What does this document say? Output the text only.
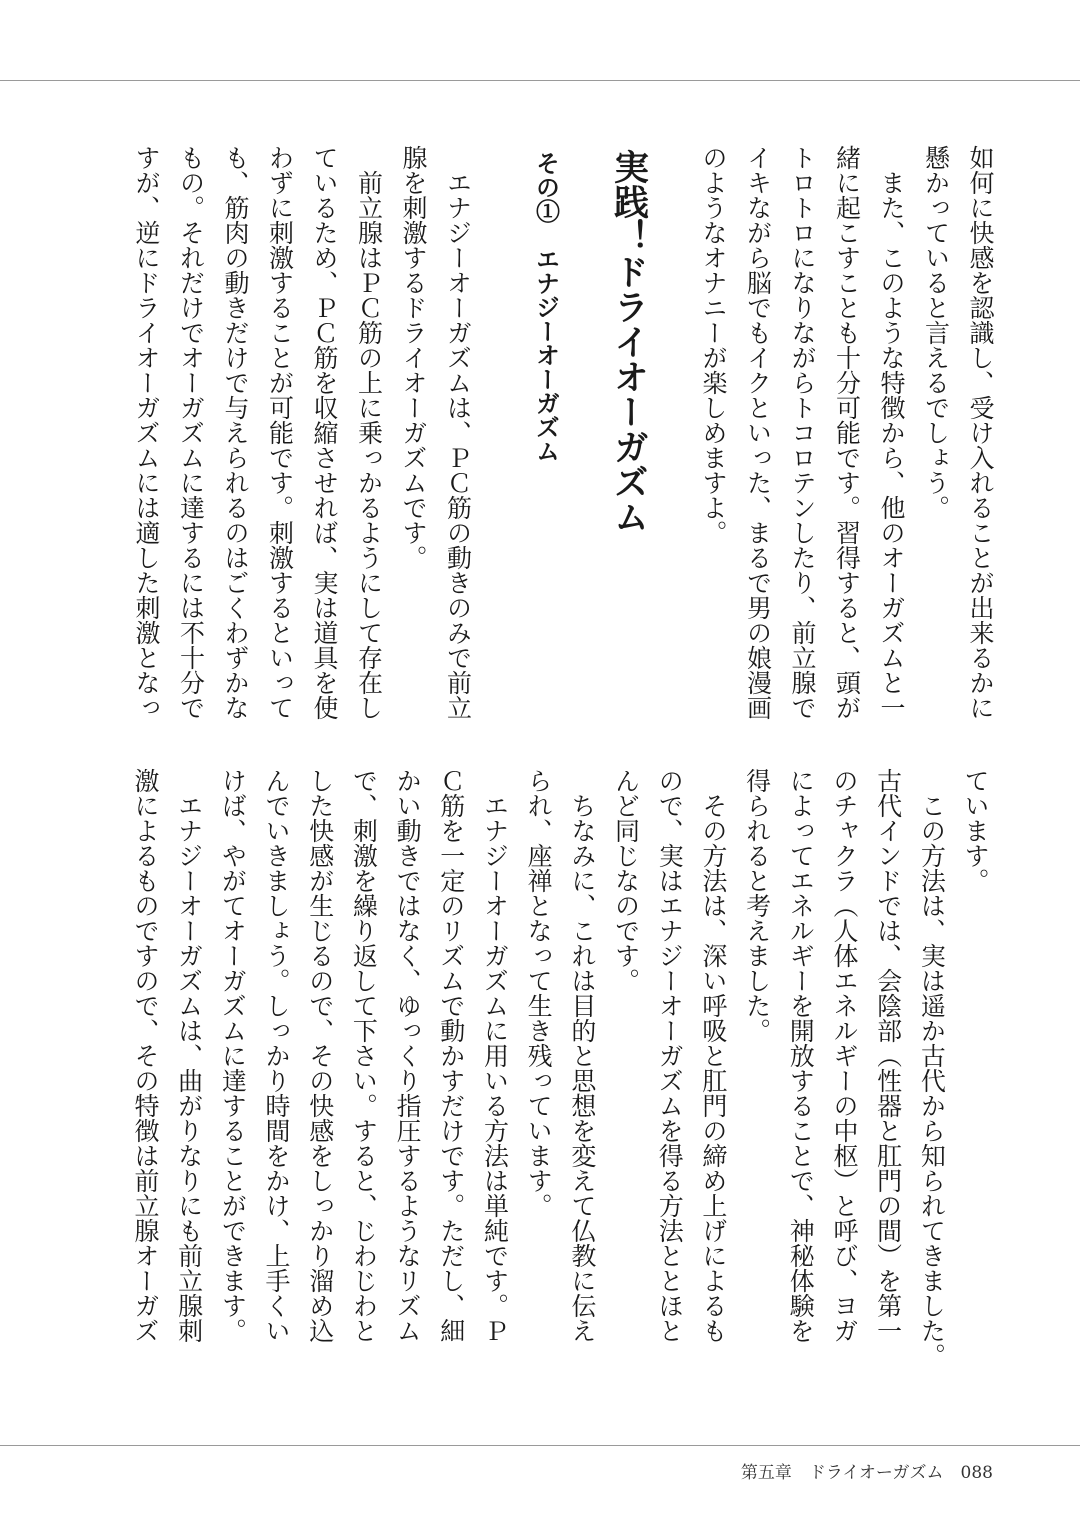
如何に快感を認識し、受け入れることが出来るかに
懸かっていると言えるでしょう。
　また、このような特徴から、他のオーガズムと一
緒に起こすことも十分可能です。習得すると、頭が
トロトロになりながらトコロテンしたり、前立腺で
イキながら脳でもイクといった、まるで男の娘漫画
のようなオナニーが楽しめますよ。
実践！ドライオーガズム
その①　エナジーオーガズム
　エナジーオーガズムは、ＰＣ筋の動きのみで前立
腺を刺激するドライオーガズムです。
　前立腺はＰＣ筋の上に乗っかるようにして存在し
ているため、ＰＣ筋を収縮させれば、実は道具を使
わずに刺激することが可能です。刺激するといって
も、筋肉の動きだけで与えられるのはごくわずかな
もの。それだけでオーガズムに達するには不十分で
すが、逆にドライオーガズムには適した刺激となっ
ています。
　この方法は、実は遥か古代から知られてきました。
古代インドでは、会陰部（性器と肛門の間）を第一
のチャクラ（人体エネルギーの中枢）と呼び、ヨガ
によってエネルギーを開放することで、神秘体験を
得られると考えました。
　その方法は、深い呼吸と肛門の締め上げによるも
ので、実はエナジーオーガズムを得る方法ととほと
んど同じなのです。
　ちなみに、これは目的と思想を変えて仏教に伝え
られ、座禅となって生き残っています。
　エナジーオーガズムに用いる方法は単純です。Ｐ
Ｃ筋を一定のリズムで動かすだけです。ただし、細
かい動きではなく、ゆっくり指圧するようなリズム
で、刺激を繰り返して下さい。すると、じわじわと
した快感が生じるので、その快感をしっかり溜め込
んでいきましょう。しっかり時間をかけ、上手くい
けば、やがてオーガズムに達することができます。
　エナジーオーガズムは、曲がりなりにも前立腺刺
激によるものですので、その特徴は前立腺オーガズ
第五章　 ドライオーガズム　 088
